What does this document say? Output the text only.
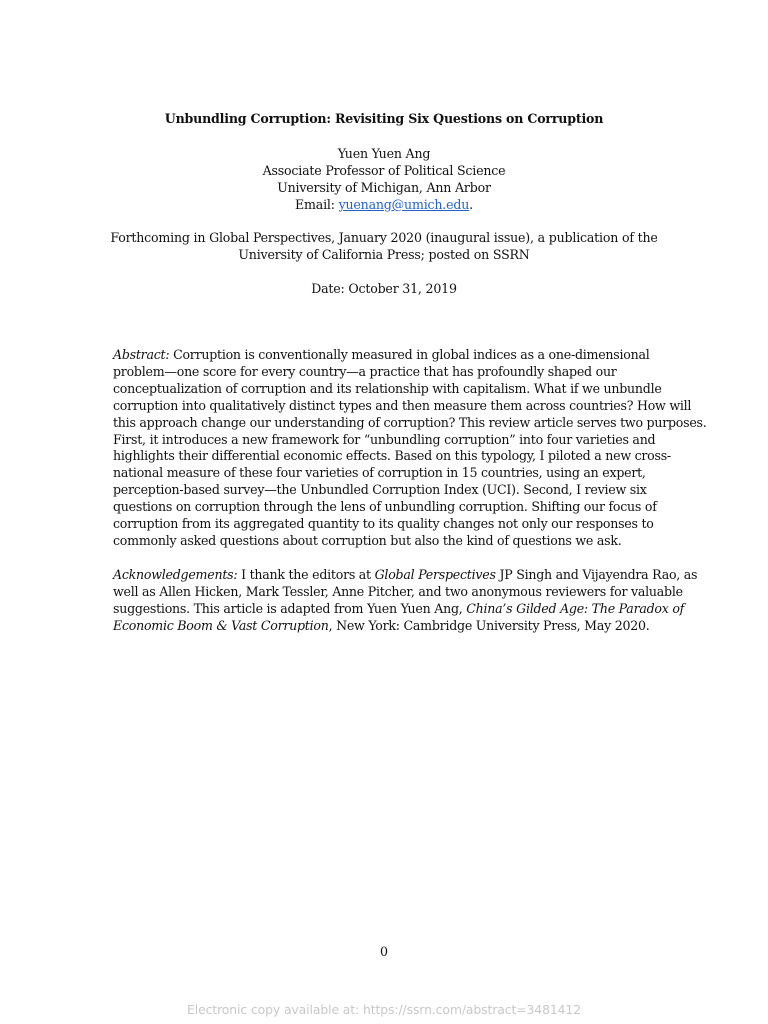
Unbundling Corruption: Revisiting Six Questions on Corruption
Yuen Yuen Ang
Associate Professor of Political Science
University of Michigan, Ann Arbor
Email: yuenang@umich.edu.
Forthcoming in Global Perspectives, January 2020 (inaugural issue), a publication of the
University of California Press; posted on SSRN
Date: October 31, 2019
Abstract: Corruption is conventionally measured in global indices as a one-dimensional
problem—one score for every country—a practice that has profoundly shaped our
conceptualization of corruption and its relationship with capitalism. What if we unbundle
corruption into qualitatively distinct types and then measure them across countries? How will
this approach change our understanding of corruption? This review article serves two purposes.
First, it introduces a new framework for “unbundling corruption” into four varieties and
highlights their differential economic effects. Based on this typology, I piloted a new cross-
national measure of these four varieties of corruption in 15 countries, using an expert,
perception-based survey—the Unbundled Corruption Index (UCI). Second, I review six
questions on corruption through the lens of unbundling corruption. Shifting our focus of
corruption from its aggregated quantity to its quality changes not only our responses to
commonly asked questions about corruption but also the kind of questions we ask.
Acknowledgements: I thank the editors at Global Perspectives JP Singh and Vijayendra Rao, as
well as Allen Hicken, Mark Tessler, Anne Pitcher, and two anonymous reviewers for valuable
suggestions. This article is adapted from Yuen Yuen Ang, China’s Gilded Age: The Paradox of
Economic Boom & Vast Corruption, New York: Cambridge University Press, May 2020.
0
Electronic copy available at: https://ssrn.com/abstract=3481412
